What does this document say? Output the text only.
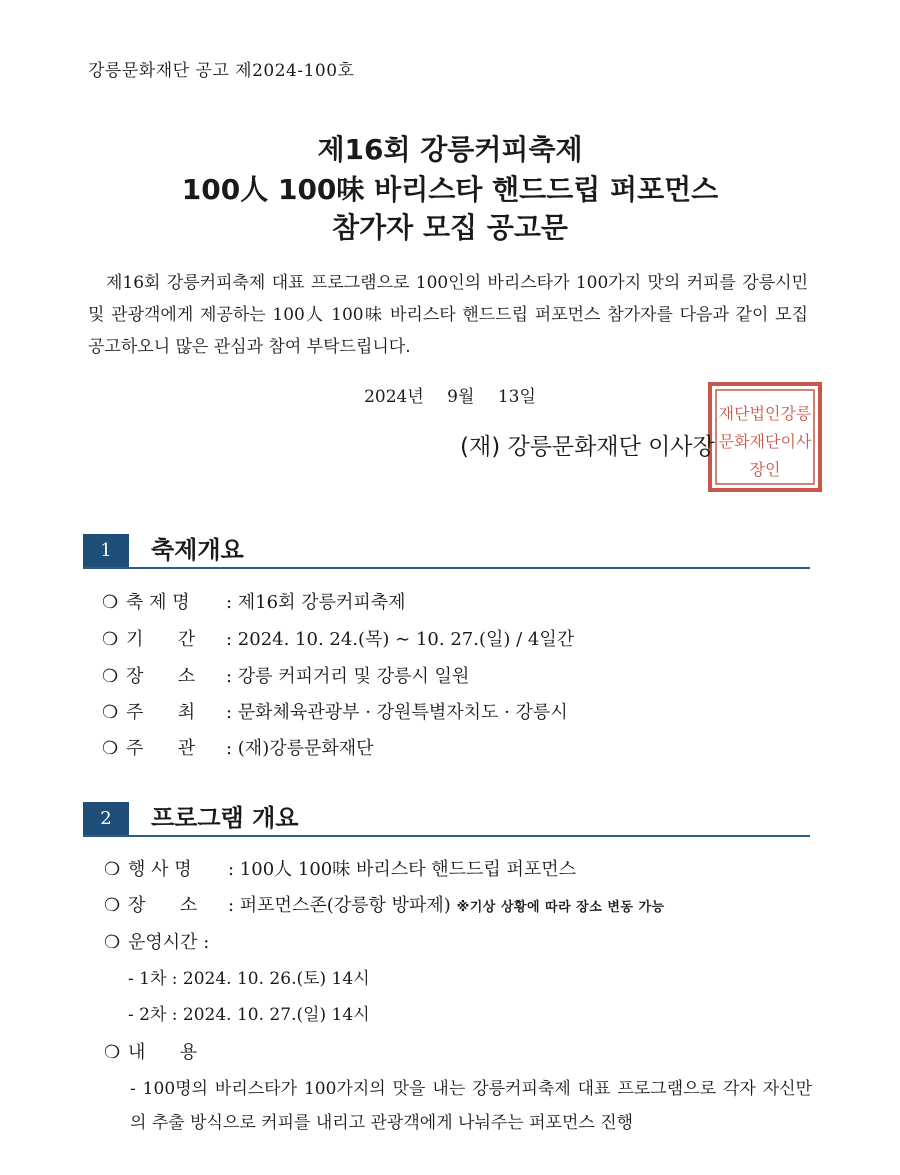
강릉문화재단 공고 제2024-100호
제16회 강릉커피축제
100人 100味 바리스타 핸드드립 퍼포먼스
참가자 모집 공고문
제16회 강릉커피축제 대표 프로그램으로 100인의 바리스타가 100가지 맛의 커피를 강릉시민 및 관광객에게 제공하는 100人 100味 바리스타 핸드드립 퍼포먼스 참가자를 다음과 같이 모집 공고하오니 많은 관심과 참여 부탁드립니다.
2024년 9월 13일
재단법인강릉
문화재단이사
장인
(재) 강릉문화재단 이사장
1	축제개요
❍ 축 제 명 : 제16회 강릉커피축제
❍ 기      간 : 2024. 10. 24.(목) ∼ 10. 27.(일) / 4일간
❍ 장      소 : 강릉 커피거리 및 강릉시 일원
❍ 주      최 : 문화체육관광부 · 강원특별자치도 · 강릉시
❍ 주      관 : (재)강릉문화재단
2	프로그램 개요
❍ 행 사 명 : 100人 100味 바리스타 핸드드립 퍼포먼스
❍ 장      소 : 퍼포먼스존(강릉항 방파제) ※기상 상황에 따라 장소 변동 가능
❍ 운영시간 :
- 1차 : 2024. 10. 26.(토) 14시
- 2차 : 2024. 10. 27.(일) 14시
❍ 내      용
- 100명의 바리스타가 100가지의 맛을 내는 강릉커피축제 대표 프로그램으로 각자 자신만의 추출 방식으로 커피를 내리고 관광객에게 나눠주는 퍼포먼스 진행
